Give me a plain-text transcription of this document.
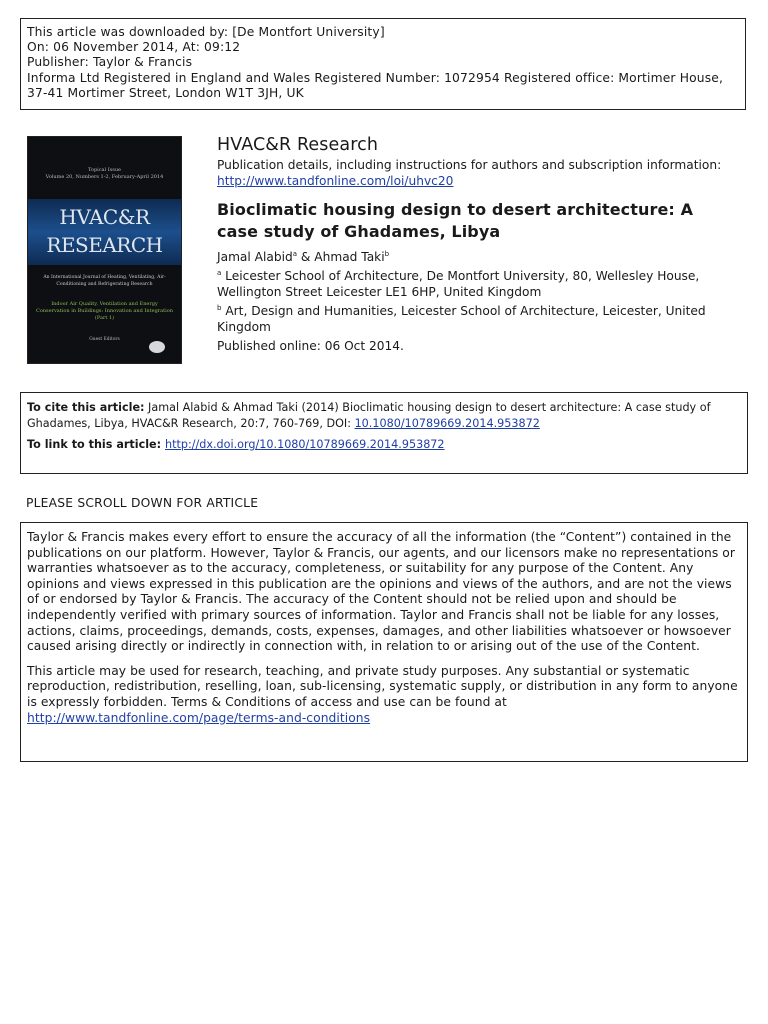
This article was downloaded by: [De Montfort University]
On: 06 November 2014, At: 09:12
Publisher: Taylor & Francis
Informa Ltd Registered in England and Wales Registered Number: 1072954 Registered office: Mortimer House,
37-41 Mortimer Street, London W1T 3JH, UK
Topical Issue
Volume 20, Numbers 1-2, February-April 2014
HVAC&R
RESEARCH
An International Journal of Heating, Ventilating, Air-Conditioning and Refrigerating Research
Indoor Air Quality, Ventilation and Energy Conservation in Buildings: Innovation and Integration (Part 1)
Guest Editors
HVAC&R Research
Publication details, including instructions for authors and subscription information:
http://www.tandfonline.com/loi/uhvc20
Bioclimatic housing design to desert architecture: A
case study of Ghadames, Libya
Jamal Alabid$^a$ & Ahmad Taki$^b$
$^a$ Leicester School of Architecture, De Montfort University, 80, Wellesley House, Wellington Street Leicester LE1 6HP, United Kingdom
$^b$ Art, Design and Humanities, Leicester School of Architecture, Leicester, United Kingdom
Published online: 06 Oct 2014.
To cite this article: Jamal Alabid & Ahmad Taki (2014) Bioclimatic housing design to desert architecture: A case study of Ghadames, Libya, HVAC&R Research, 20:7, 760-769, DOI: 10.1080/10789669.2014.953872
To link to this article: http://dx.doi.org/10.1080/10789669.2014.953872
PLEASE SCROLL DOWN FOR ARTICLE

Taylor & Francis makes every effort to ensure the accuracy of all the information (the “Content”) contained in the publications on our platform. However, Taylor & Francis, our agents, and our licensors make no representations or warranties whatsoever as to the accuracy, completeness, or suitability for any purpose of the Content. Any opinions and views expressed in this publication are the opinions and views of the authors, and are not the views of or endorsed by Taylor & Francis. The accuracy of the Content should not be relied upon and should be independently verified with primary sources of information. Taylor and Francis shall not be liable for any losses, actions, claims, proceedings, demands, costs, expenses, damages, and other liabilities whatsoever or howsoever caused arising directly or indirectly in connection with, in relation to or arising out of the use of the Content.

This article may be used for research, teaching, and private study purposes. Any substantial or systematic reproduction, redistribution, reselling, loan, sub-licensing, systematic supply, or distribution in any form to anyone is expressly forbidden. Terms & Conditions of access and use can be found at http://www.tandfonline.com/page/terms-and-conditions
